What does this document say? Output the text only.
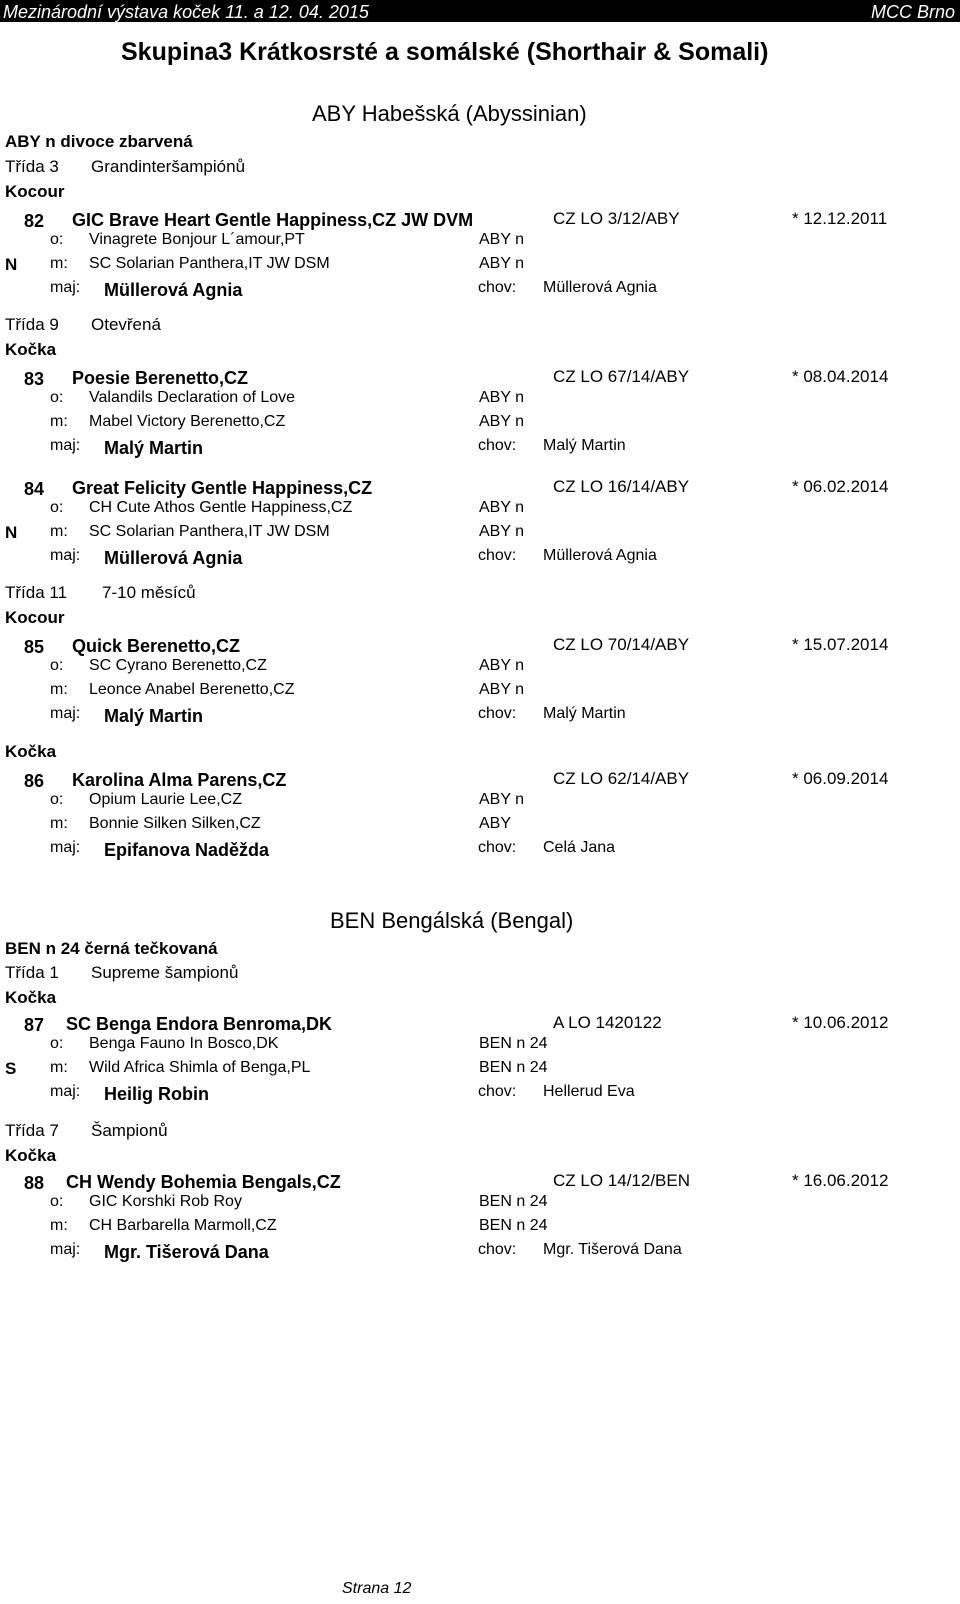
Mezinárodní výstava koček 11. a 12. 04. 2015	MCC Brno
Skupina3 Krátkosrsté a somálské (Shorthair & Somali)
ABY Habešská (Abyssinian)
ABY n divoce zbarvená
Třída 3 Grandinteršampiónů
Kocour
82 GIC Brave Heart Gentle Happiness,CZ JW DVM	CZ LO 3/12/ABY	* 12.12.2011
o: Vinagrete Bonjour L´amour,PT	ABY n
N m: SC Solarian Panthera,IT JW DSM	ABY n
maj: Müllerová Agnia	chov: Müllerová Agnia
Třída 9 Otevřená
Kočka
83 Poesie Berenetto,CZ	CZ LO 67/14/ABY	* 08.04.2014
o: Valandils Declaration of Love	ABY n
m: Mabel Victory Berenetto,CZ	ABY n
maj: Malý Martin	chov: Malý Martin
84 Great Felicity Gentle Happiness,CZ	CZ LO 16/14/ABY	* 06.02.2014
o: CH Cute Athos Gentle Happiness,CZ	ABY n
N m: SC Solarian Panthera,IT JW DSM	ABY n
maj: Müllerová Agnia	chov: Müllerová Agnia
Třída 11 7-10 měsíců
Kocour
85 Quick Berenetto,CZ	CZ LO 70/14/ABY	* 15.07.2014
o: SC Cyrano Berenetto,CZ	ABY n
m: Leonce Anabel Berenetto,CZ	ABY n
maj: Malý Martin	chov: Malý Martin
Kočka
86 Karolina Alma Parens,CZ	CZ LO 62/14/ABY	* 06.09.2014
o: Opium Laurie Lee,CZ	ABY n
m: Bonnie Silken Silken,CZ	ABY
maj: Epifanova Naděžda	chov: Celá Jana
BEN Bengálská (Bengal)
BEN n 24 černá tečkovaná
Třída 1 Supreme šampionů
Kočka
87 SC Benga Endora Benroma,DK	A LO 1420122	* 10.06.2012
o: Benga Fauno In Bosco,DK	BEN n 24
S m: Wild Africa Shimla of Benga,PL	BEN n 24
maj: Heilig Robin	chov: Hellerud Eva
Třída 7 Šampionů
Kočka
88 CH Wendy Bohemia Bengals,CZ	CZ LO 14/12/BEN	* 16.06.2012
o: GIC Korshki Rob Roy	BEN n 24
m: CH Barbarella Marmoll,CZ	BEN n 24
maj: Mgr. Tišerová Dana	chov: Mgr. Tišerová Dana
Strana 12
